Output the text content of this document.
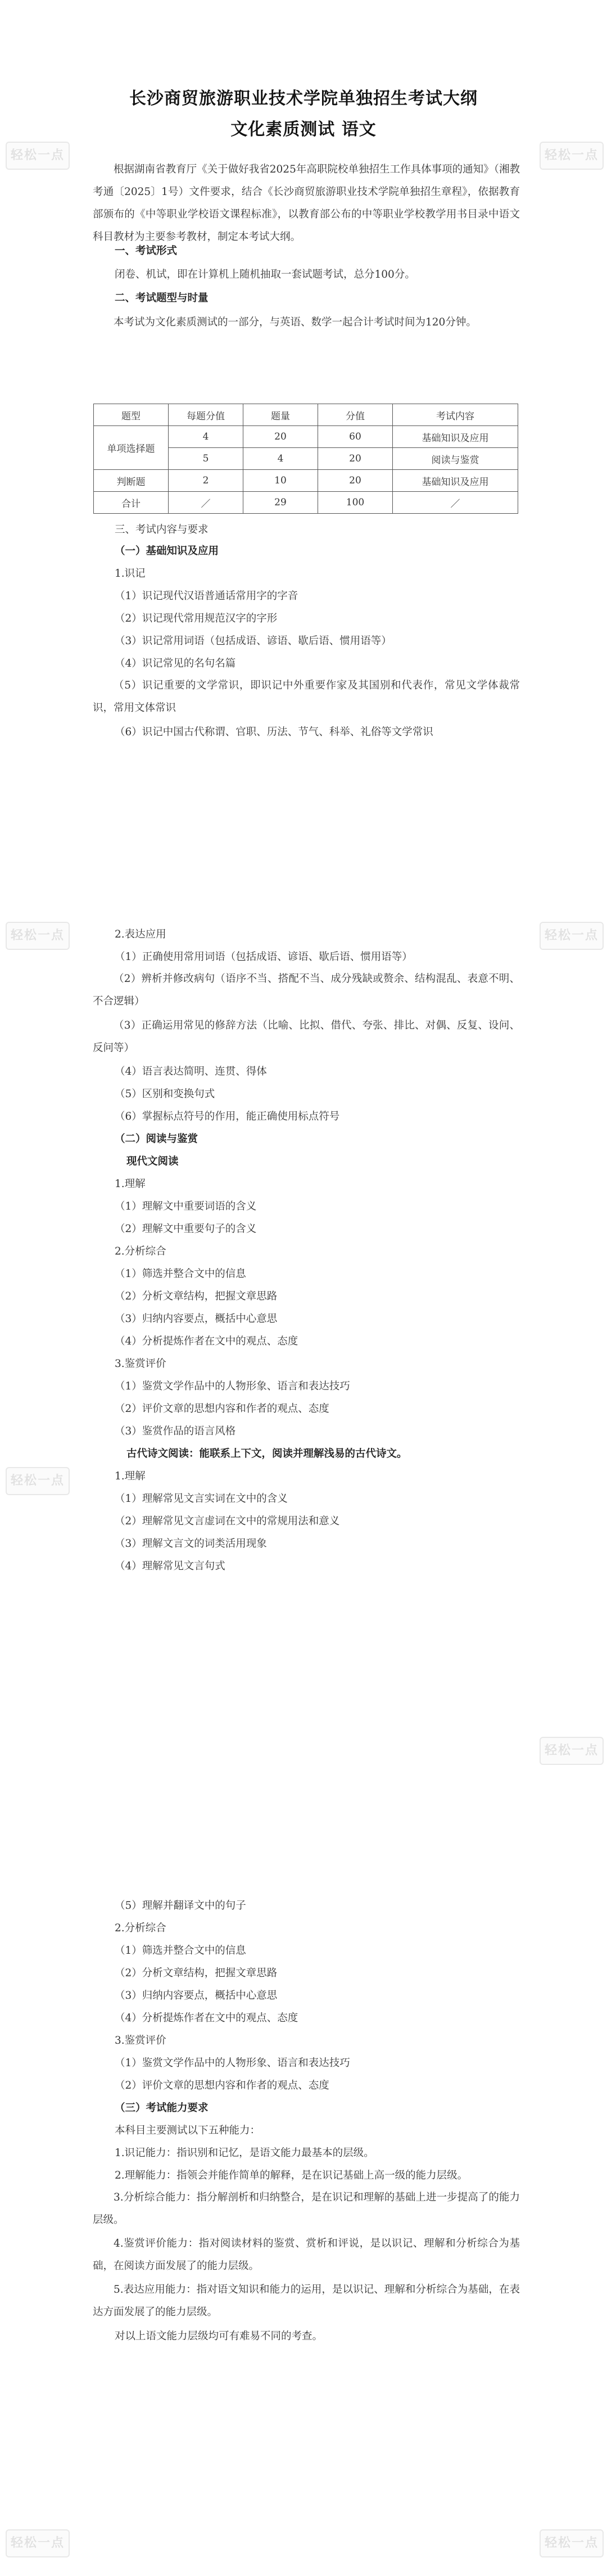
长沙商贸旅游职业技术学院单独招生考试大纲
文化素质测试 语文
根据湖南省教育厅《关于做好我省2025年高职院校单独招生工作具体事项的通知》（湘教考通〔2025〕1号）文件要求，结合《长沙商贸旅游职业技术学院单独招生章程》，依据教育部颁布的《中等职业学校语文课程标准》，以教育部公布的中等职业学校教学用书目录中语文科目教材为主要参考教材，制定本考试大纲。
一、考试形式
闭卷、机试，即在计算机上随机抽取一套试题考试，总分100分。
二、考试题型与时量
本考试为文化素质测试的一部分，与英语、数学一起合计考试时间为120分钟。
题型	每题分值	题量	分值	考试内容
单项选择题	4	20	60	基础知识及应用
	5	4	20	阅读与鉴赏
判断题	2	10	20	基础知识及应用
合计	／	29	100	／
三、考试内容与要求
（一）基础知识及应用
1.识记
（1）识记现代汉语普通话常用字的字音
（2）识记现代常用规范汉字的字形
（3）识记常用词语（包括成语、谚语、歇后语、惯用语等）
（4）识记常见的名句名篇
（5）识记重要的文学常识，即识记中外重要作家及其国别和代表作，常见文学体裁常识，常用文体常识
（6）识记中国古代称谓、官职、历法、节气、科举、礼俗等文学常识
2.表达应用
（1）正确使用常用词语（包括成语、谚语、歇后语、惯用语等）
（2）辨析并修改病句（语序不当、搭配不当、成分残缺或赘余、结构混乱、表意不明、不合逻辑）
（3）正确运用常见的修辞方法（比喻、比拟、借代、夸张、排比、对偶、反复、设问、反问等）
（4）语言表达简明、连贯、得体
（5）区别和变换句式
（6）掌握标点符号的作用，能正确使用标点符号
（二）阅读与鉴赏
现代文阅读
1.理解
（1）理解文中重要词语的含义
（2）理解文中重要句子的含义
2.分析综合
（1）筛选并整合文中的信息
（2）分析文章结构，把握文章思路
（3）归纳内容要点，概括中心意思
（4）分析提炼作者在文中的观点、态度
3.鉴赏评价
（1）鉴赏文学作品中的人物形象、语言和表达技巧
（2）评价文章的思想内容和作者的观点、态度
（3）鉴赏作品的语言风格
古代诗文阅读：能联系上下文，阅读并理解浅易的古代诗文。
1.理解
（1）理解常见文言实词在文中的含义
（2）理解常见文言虚词在文中的常规用法和意义
（3）理解文言文的词类活用现象
（4）理解常见文言句式
（5）理解并翻译文中的句子
2.分析综合
（1）筛选并整合文中的信息
（2）分析文章结构，把握文章思路
（3）归纳内容要点，概括中心意思
（4）分析提炼作者在文中的观点、态度
3.鉴赏评价
（1）鉴赏文学作品中的人物形象、语言和表达技巧
（2）评价文章的思想内容和作者的观点、态度
（三）考试能力要求
本科目主要测试以下五种能力：
1.识记能力：指识别和记忆，是语文能力最基本的层级。
2.理解能力：指领会并能作简单的解释，是在识记基础上高一级的能力层级。
3.分析综合能力：指分解剖析和归纳整合，是在识记和理解的基础上进一步提高了的能力层级。
4.鉴赏评价能力：指对阅读材料的鉴赏、赏析和评说，是以识记、理解和分析综合为基础，在阅读方面发展了的能力层级。
5.表达应用能力：指对语文知识和能力的运用，是以识记、理解和分析综合为基础，在表达方面发展了的能力层级。
对以上语文能力层级均可有难易不同的考查。
轻松一点	轻松一点
轻松一点	轻松一点
轻松一点
轻松一点
轻松一点	轻松一点
